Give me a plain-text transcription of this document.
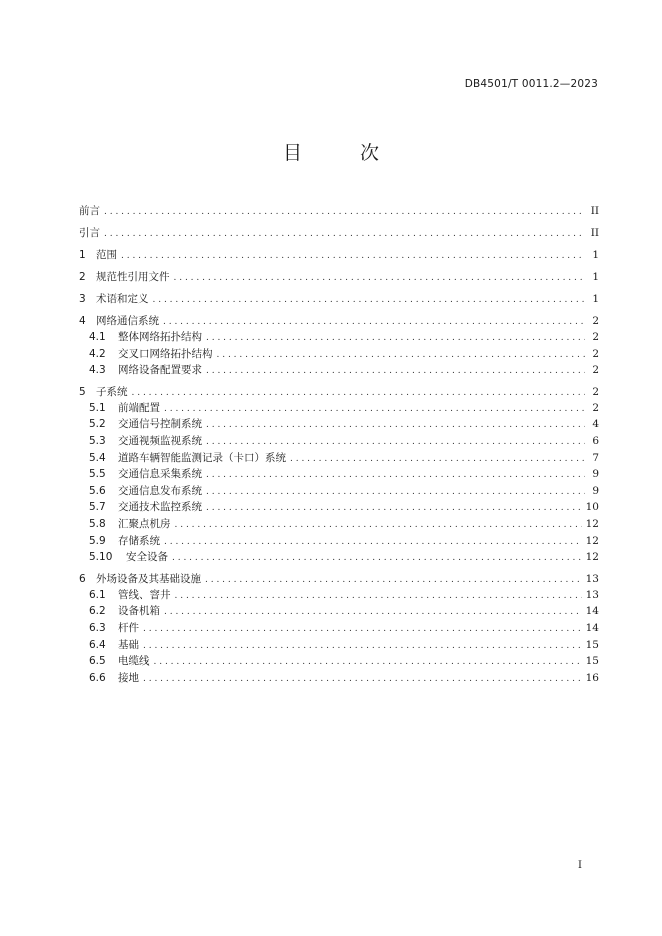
DB4501/T 0011.2—2023
目 次
前言 . . .	II
引言 . . .	II
1 范围 . . .	1
2 规范性引用文件 . . .	1
3 术语和定义 . . .	1
4 网络通信系统 . . .	2
4.1	整体网络拓扑结构 . . .	2
4.2	交叉口网络拓扑结构 . . .	2
4.3	网络设备配置要求 . . .	2
5 子系统 . . .	2
5.1	前端配置 . . .	2
5.2	交通信号控制系统 . . .	4
5.3	交通视频监视系统 . . .	6
5.4	道路车辆智能监测记录（卡口）系统 . . .	7
5.5	交通信息采集系统 . . .	9
5.6	交通信息发布系统 . . .	9
5.7	交通技术监控系统 . . .	10
5.8	汇聚点机房 . . .	12
5.9	存储系统 . . .	12
5.10	安全设备 . . .	12
6 外场设备及其基础设施 . . .	13
6.1	管线、窨井 . . .	13
6.2	设备机箱 . . .	14
6.3	杆件 . . .	14
6.4	基础 . . .	15
6.5	电缆线 . . .	15
6.6	接地 . . .	16
I
